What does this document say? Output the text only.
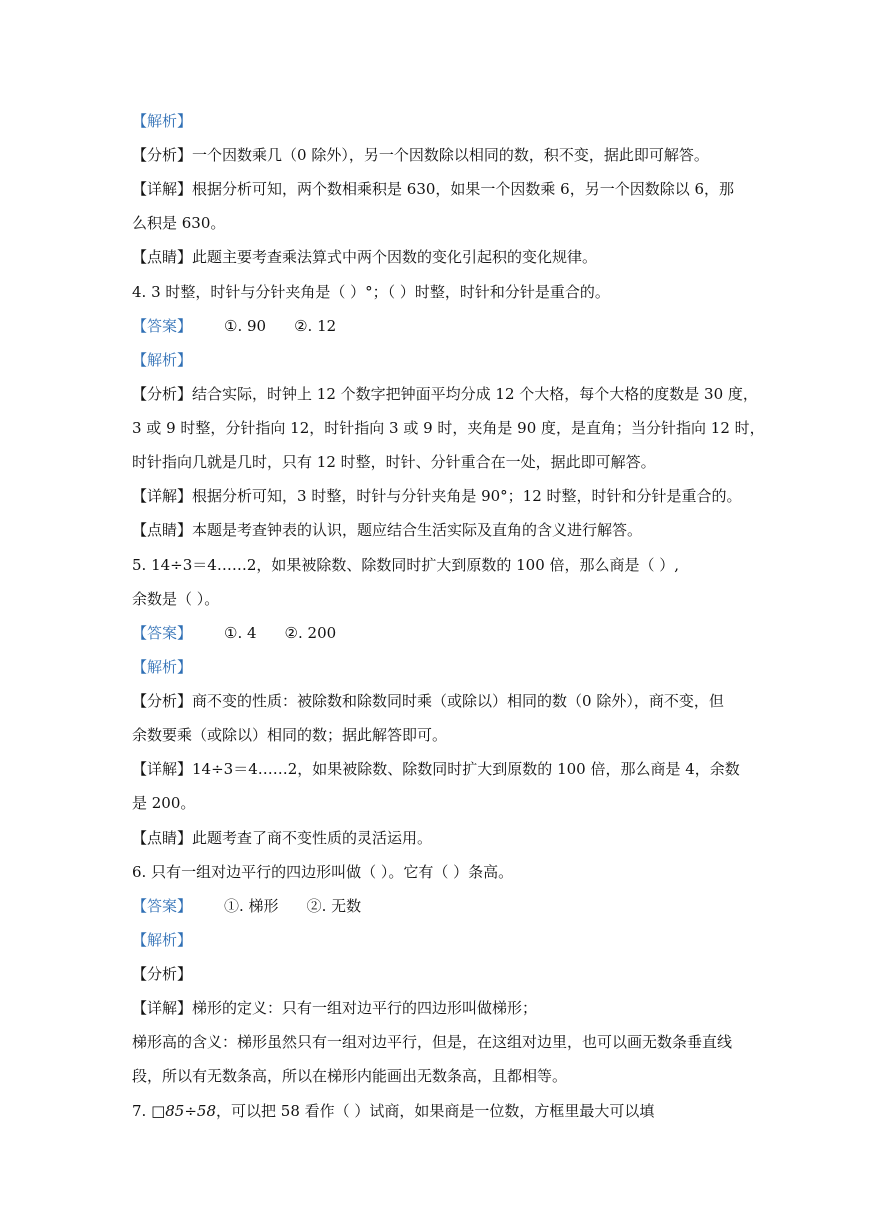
【解析】
【分析】一个因数乘几（0 除外），另一个因数除以相同的数，积不变，据此即可解答。
【详解】根据分析可知，两个数相乘积是 630，如果一个因数乘 6，另一个因数除以 6，那
么积是 630。
【点睛】此题主要考查乘法算式中两个因数的变化引起积的变化规律。
4. 3 时整，时针与分针夹角是（ ）°；（ ）时整，时针和分针是重合的。
【答案】 ①. 90 ②. 12
【解析】
【分析】结合实际，时钟上 12 个数字把钟面平均分成 12 个大格，每个大格的度数是 30 度，
3 或 9 时整，分针指向 12，时针指向 3 或 9 时，夹角是 90 度，是直角；当分针指向 12 时，
时针指向几就是几时，只有 12 时整，时针、分针重合在一处，据此即可解答。
【详解】根据分析可知，3 时整，时针与分针夹角是 90°；12 时整，时针和分针是重合的。
【点睛】本题是考查钟表的认识，题应结合生活实际及直角的含义进行解答。
5. 14÷3＝4……2，如果被除数、除数同时扩大到原数的 100 倍，那么商是（ ）,
余数是（ ）。
【答案】 ①. 4 ②. 200
【解析】
【分析】商不变的性质：被除数和除数同时乘（或除以）相同的数（0 除外），商不变，但
余数要乘（或除以）相同的数；据此解答即可。
【详解】14÷3＝4……2，如果被除数、除数同时扩大到原数的 100 倍，那么商是 4，余数
是 200。
【点睛】此题考查了商不变性质的灵活运用。
6. 只有一组对边平行的四边形叫做（ ）。它有（ ）条高。
【答案】 ①. 梯形 ②. 无数
【解析】
【分析】
【详解】梯形的定义：只有一组对边平行的四边形叫做梯形；
梯形高的含义：梯形虽然只有一组对边平行，但是，在这组对边里，也可以画无数条垂直线
段，所以有无数条高，所以在梯形内能画出无数条高，且都相等。
7. □85÷58，可以把 58 看作（ ）试商，如果商是一位数，方框里最大可以填
